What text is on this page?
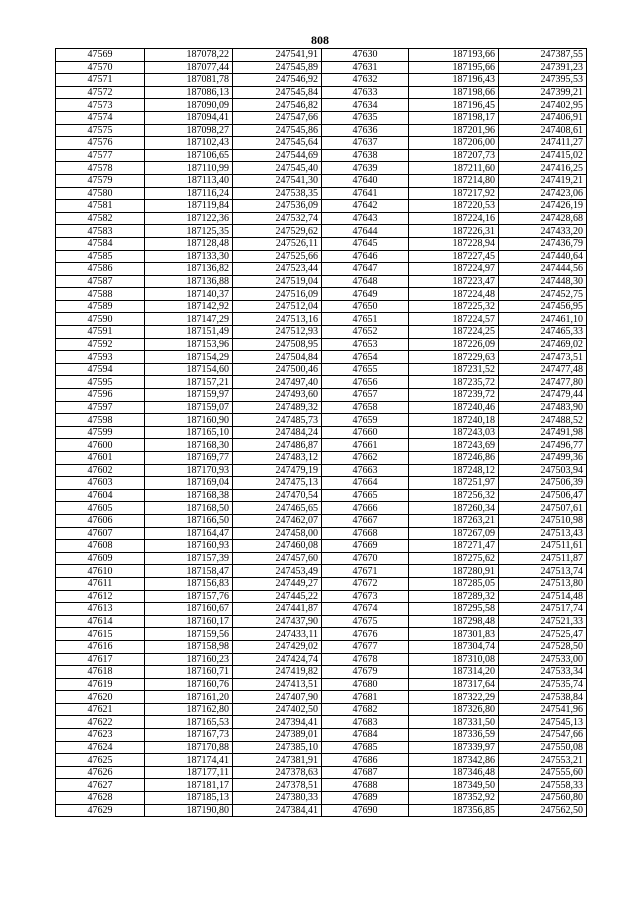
808
47569	187078,22	247541,91	47630	187193,66	247387,55
47570	187077,44	247545,89	47631	187195,66	247391,23
47571	187081,78	247546,92	47632	187196,43	247395,53
47572	187086,13	247545,84	47633	187198,66	247399,21
47573	187090,09	247546,82	47634	187196,45	247402,95
47574	187094,41	247547,66	47635	187198,17	247406,91
47575	187098,27	247545,86	47636	187201,96	247408,61
47576	187102,43	247545,64	47637	187206,00	247411,27
47577	187106,65	247544,69	47638	187207,73	247415,02
47578	187110,99	247545,40	47639	187211,60	247416,25
47579	187113,40	247541,30	47640	187214,80	247419,21
47580	187116,24	247538,35	47641	187217,92	247423,06
47581	187119,84	247536,09	47642	187220,53	247426,19
47582	187122,36	247532,74	47643	187224,16	247428,68
47583	187125,35	247529,62	47644	187226,31	247433,20
47584	187128,48	247526,11	47645	187228,94	247436,79
47585	187133,30	247525,66	47646	187227,45	247440,64
47586	187136,82	247523,44	47647	187224,97	247444,56
47587	187136,88	247519,04	47648	187223,47	247448,30
47588	187140,37	247516,09	47649	187224,48	247452,75
47589	187142,92	247512,04	47650	187225,32	247456,95
47590	187147,29	247513,16	47651	187224,57	247461,10
47591	187151,49	247512,93	47652	187224,25	247465,33
47592	187153,96	247508,95	47653	187226,09	247469,02
47593	187154,29	247504,84	47654	187229,63	247473,51
47594	187154,60	247500,46	47655	187231,52	247477,48
47595	187157,21	247497,40	47656	187235,72	247477,80
47596	187159,97	247493,60	47657	187239,72	247479,44
47597	187159,07	247489,32	47658	187240,46	247483,90
47598	187160,90	247485,73	47659	187240,18	247488,52
47599	187165,10	247484,24	47660	187243,03	247491,98
47600	187168,30	247486,87	47661	187243,69	247496,77
47601	187169,77	247483,12	47662	187246,86	247499,36
47602	187170,93	247479,19	47663	187248,12	247503,94
47603	187169,04	247475,13	47664	187251,97	247506,39
47604	187168,38	247470,54	47665	187256,32	247506,47
47605	187168,50	247465,65	47666	187260,34	247507,61
47606	187166,50	247462,07	47667	187263,21	247510,98
47607	187164,47	247458,00	47668	187267,09	247513,43
47608	187160,93	247460,08	47669	187271,47	247511,61
47609	187157,39	247457,60	47670	187275,62	247511,87
47610	187158,47	247453,49	47671	187280,91	247513,74
47611	187156,83	247449,27	47672	187285,05	247513,80
47612	187157,76	247445,22	47673	187289,32	247514,48
47613	187160,67	247441,87	47674	187295,58	247517,74
47614	187160,17	247437,90	47675	187298,48	247521,33
47615	187159,56	247433,11	47676	187301,83	247525,47
47616	187158,98	247429,02	47677	187304,74	247528,50
47617	187160,23	247424,74	47678	187310,08	247533,00
47618	187160,71	247419,82	47679	187314,20	247533,34
47619	187160,76	247413,51	47680	187317,64	247535,74
47620	187161,20	247407,90	47681	187322,29	247538,84
47621	187162,80	247402,50	47682	187326,80	247541,96
47622	187165,53	247394,41	47683	187331,50	247545,13
47623	187167,73	247389,01	47684	187336,59	247547,66
47624	187170,88	247385,10	47685	187339,97	247550,08
47625	187174,41	247381,91	47686	187342,86	247553,21
47626	187177,11	247378,63	47687	187346,48	247555,60
47627	187181,17	247378,51	47688	187349,50	247558,33
47628	187185,13	247380,33	47689	187352,92	247560,80
47629	187190,80	247384,41	47690	187356,85	247562,50
